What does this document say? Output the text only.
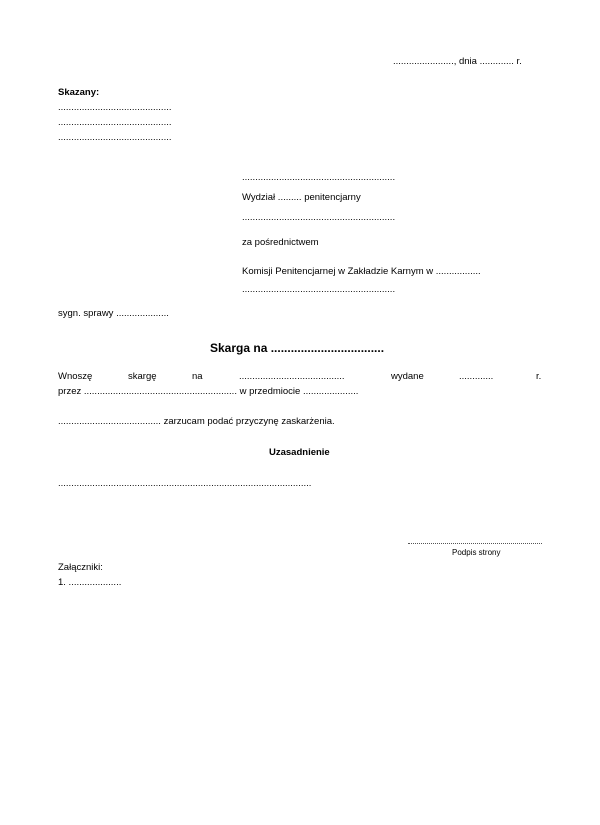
......................., dnia ............. r.
Skazany:
...........................................
...........................................
...........................................
..........................................................
Wydział ......... penitencjarny
..........................................................
za pośrednictwem
Komisji Penitencjarnej w Zakładzie Karnym w .................
..........................................................
sygn. sprawy ....................
Skarga na ..................................
Wnoszę	skargę	na	........................................	wydane	.............	r.
przez .......................................................... w przedmiocie .....................
....................................... zarzucam podać przyczynę zaskarżenia.
Uzasadnienie
................................................................................................
Podpis strony
Załączniki:
1. ....................
